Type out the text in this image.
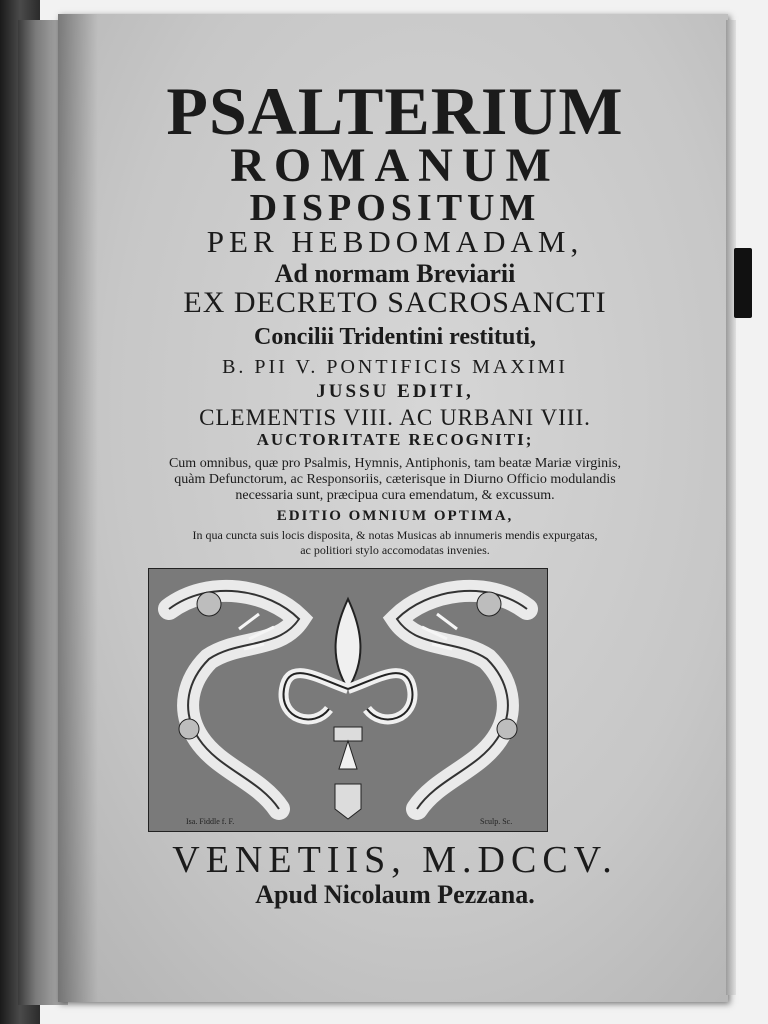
PSALTERIUM
ROMANUM
DISPOSITUM
PER HEBDOMADAM,
Ad normam Breviarii
EX DECRETO SACROSANCTI
Concilii Tridentini restituti,
B. PII V. PONTIFICIS MAXIMI
JUSSU EDITI,
CLEMENTIS VIII. AC URBANI VIII.
AUCTORITATE RECOGNITI;
Cum omnibus, quæ pro Psalmis, Hymnis, Antiphonis, tam beatæ Mariæ virginis,
quàm Defunctorum, ac Responsoriis, cæterisque in Diurno Officio modulandis
necessaria sunt, præcipua cura emendatum, & excussum.
EDITIO OMNIUM OPTIMA,
In qua cuncta suis locis disposita, & notas Musicas ab innumeris mendis expurgatas,
ac politiori stylo accomodatas invenies.
Isa. Fiddle f. F.	Sculp. Sc.
VENETIIS, M.DCCV.
Apud Nicolaum Pezzana.
